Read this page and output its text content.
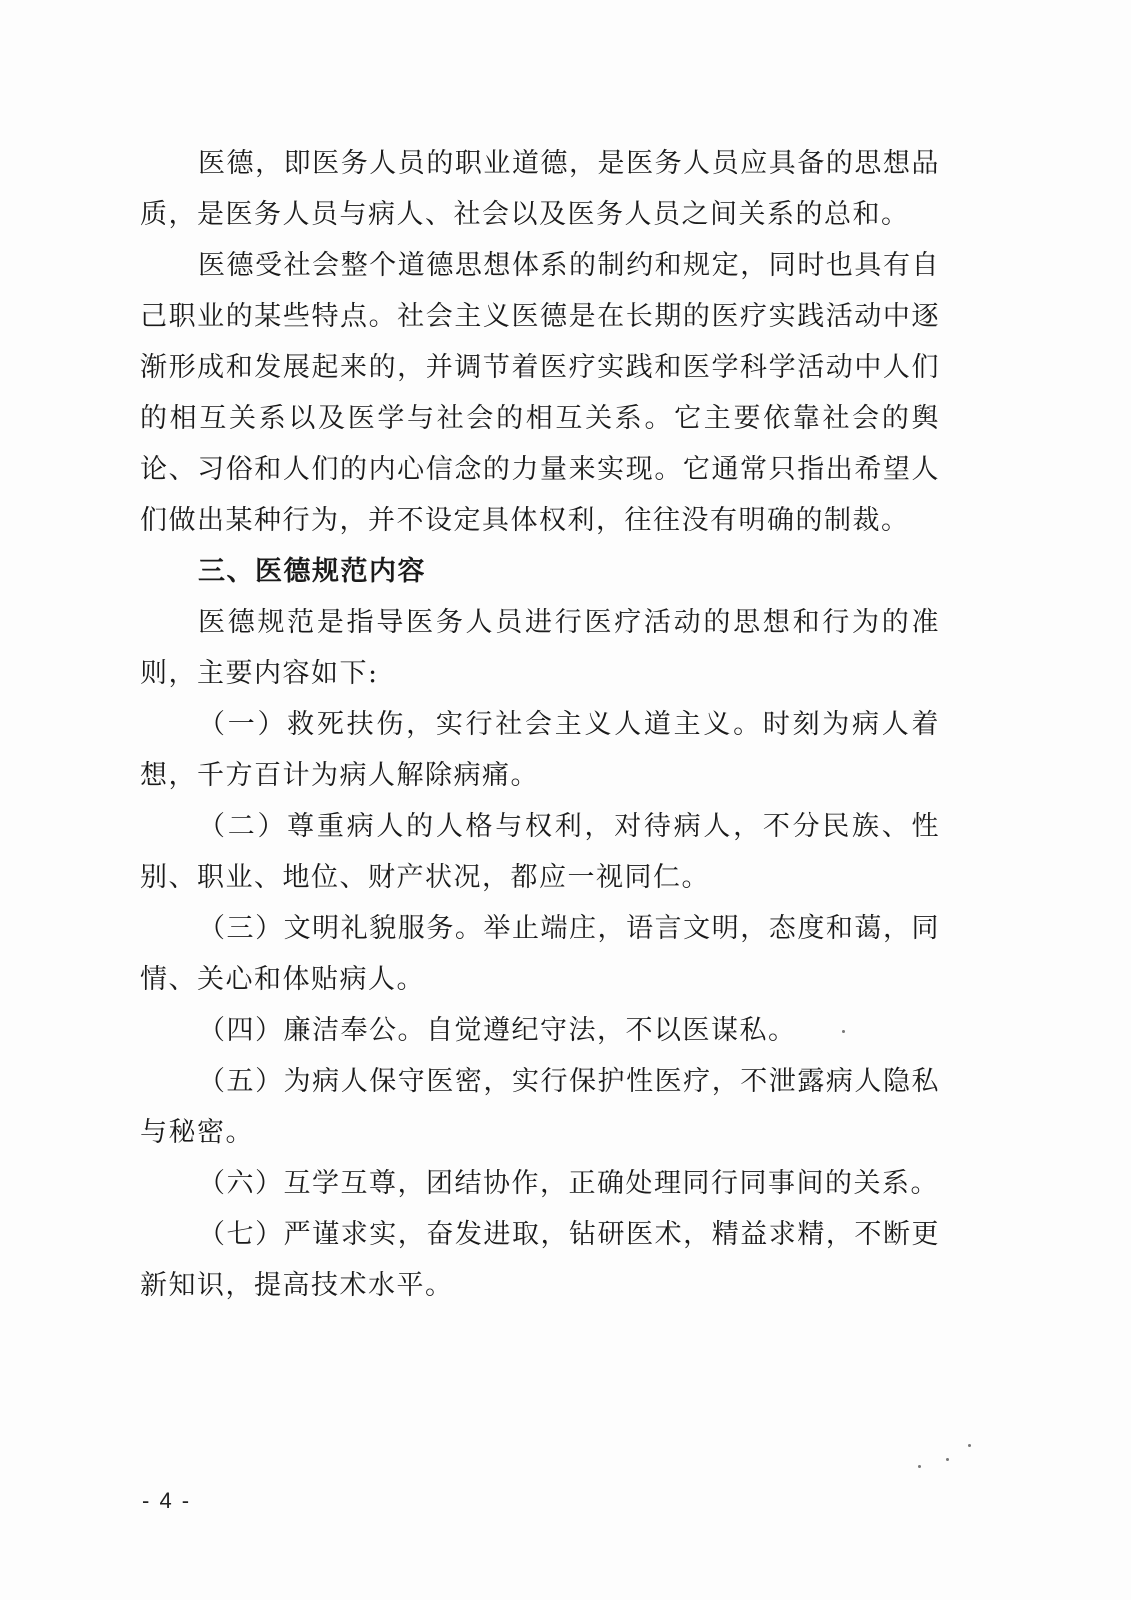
医德，即医务人员的职业道德，是医务人员应具备的思想品质，是医务人员与病人、社会以及医务人员之间关系的总和。

医德受社会整个道德思想体系的制约和规定，同时也具有自己职业的某些特点。社会主义医德是在长期的医疗实践活动中逐渐形成和发展起来的，并调节着医疗实践和医学科学活动中人们的相互关系以及医学与社会的相互关系。它主要依靠社会的舆论、习俗和人们的内心信念的力量来实现。它通常只指出希望人们做出某种行为，并不设定具体权利，往往没有明确的制裁。

三、医德规范内容

医德规范是指导医务人员进行医疗活动的思想和行为的准则，主要内容如下:

（一）救死扶伤，实行社会主义人道主义。时刻为病人着想，千方百计为病人解除病痛。

（二）尊重病人的人格与权利，对待病人，不分民族、性别、职业、地位、财产状况，都应一视同仁。

（三）文明礼貌服务。举止端庄，语言文明，态度和蔼，同情、关心和体贴病人。

（四）廉洁奉公。自觉遵纪守法，不以医谋私。

（五）为病人保守医密，实行保护性医疗，不泄露病人隐私与秘密。

（六）互学互尊，团结协作，正确处理同行同事间的关系。

（七）严谨求实，奋发进取，钻研医术，精益求精，不断更新知识，提高技术水平。

- 4 -
